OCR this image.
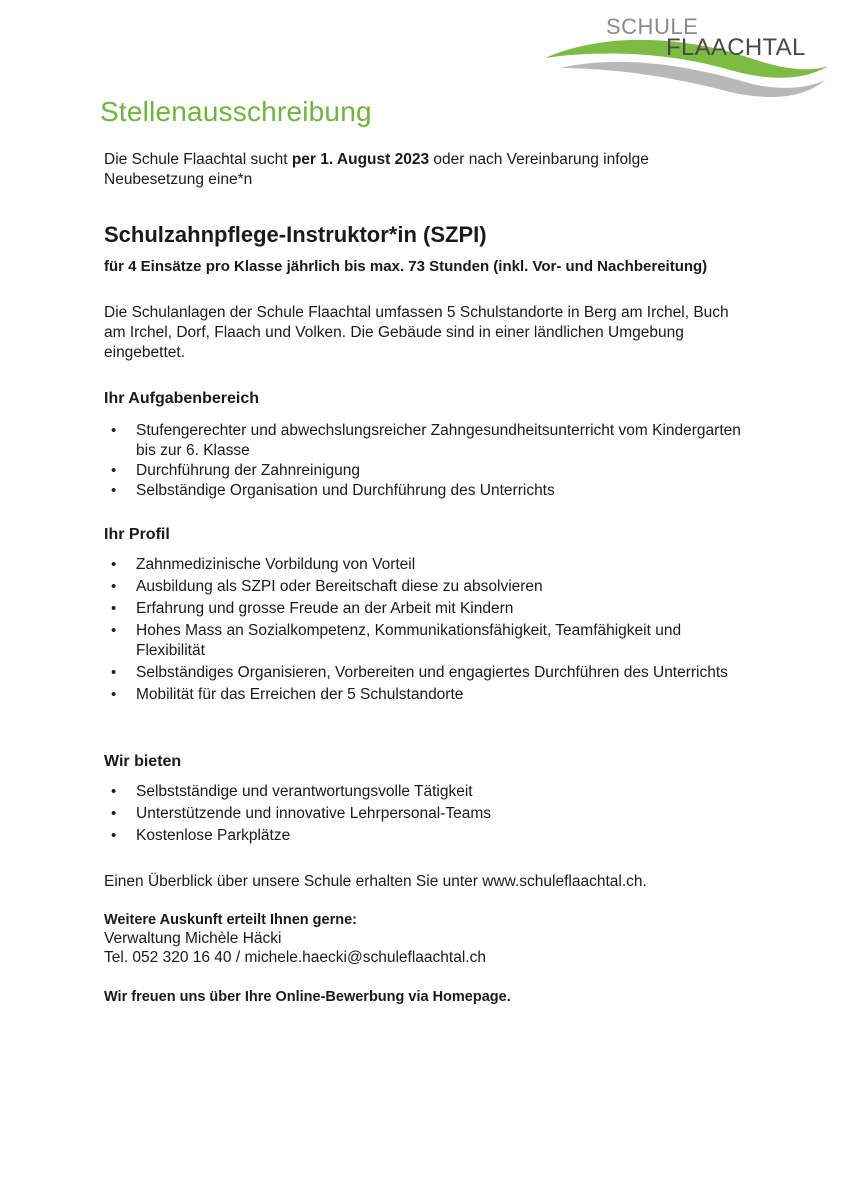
SCHULE
FLAACHTAL
Stellenausschreibung

Die Schule Flaachtal sucht per 1. August 2023 oder nach Vereinbarung infolge Neubesetzung eine*n

Schulzahnpflege-Instruktor*in (SZPI)

für 4 Einsätze pro Klasse jährlich bis max. 73 Stunden (inkl. Vor- und Nachbereitung)

Die Schulanlagen der Schule Flaachtal umfassen 5 Schulstandorte in Berg am Irchel, Buch am Irchel, Dorf, Flaach und Volken. Die Gebäude sind in einer ländlichen Umgebung eingebettet.

Ihr Aufgabenbereich
• Stufengerechter und abwechslungsreicher Zahngesundheitsunterricht vom Kindergarten bis zur 6. Klasse
• Durchführung der Zahnreinigung
• Selbständige Organisation und Durchführung des Unterrichts
Ihr Profil
• Zahnmedizinische Vorbildung von Vorteil
• Ausbildung als SZPI oder Bereitschaft diese zu absolvieren
• Erfahrung und grosse Freude an der Arbeit mit Kindern
• Hohes Mass an Sozialkompetenz, Kommunikationsfähigkeit, Teamfähigkeit und Flexibilität
• Selbständiges Organisieren, Vorbereiten und engagiertes Durchführen des Unterrichts
• Mobilität für das Erreichen der 5 Schulstandorte
Wir bieten
• Selbstständige und verantwortungsvolle Tätigkeit
• Unterstützende und innovative Lehrpersonal-Teams
• Kostenlose Parkplätze

Einen Überblick über unsere Schule erhalten Sie unter www.schuleflaachtal.ch.

Weitere Auskunft erteilt Ihnen gerne:

Verwaltung Michèle Häcki

Tel. 052 320 16 40 / michele.haecki@schuleflaachtal.ch

Wir freuen uns über Ihre Online-Bewerbung via Homepage.
